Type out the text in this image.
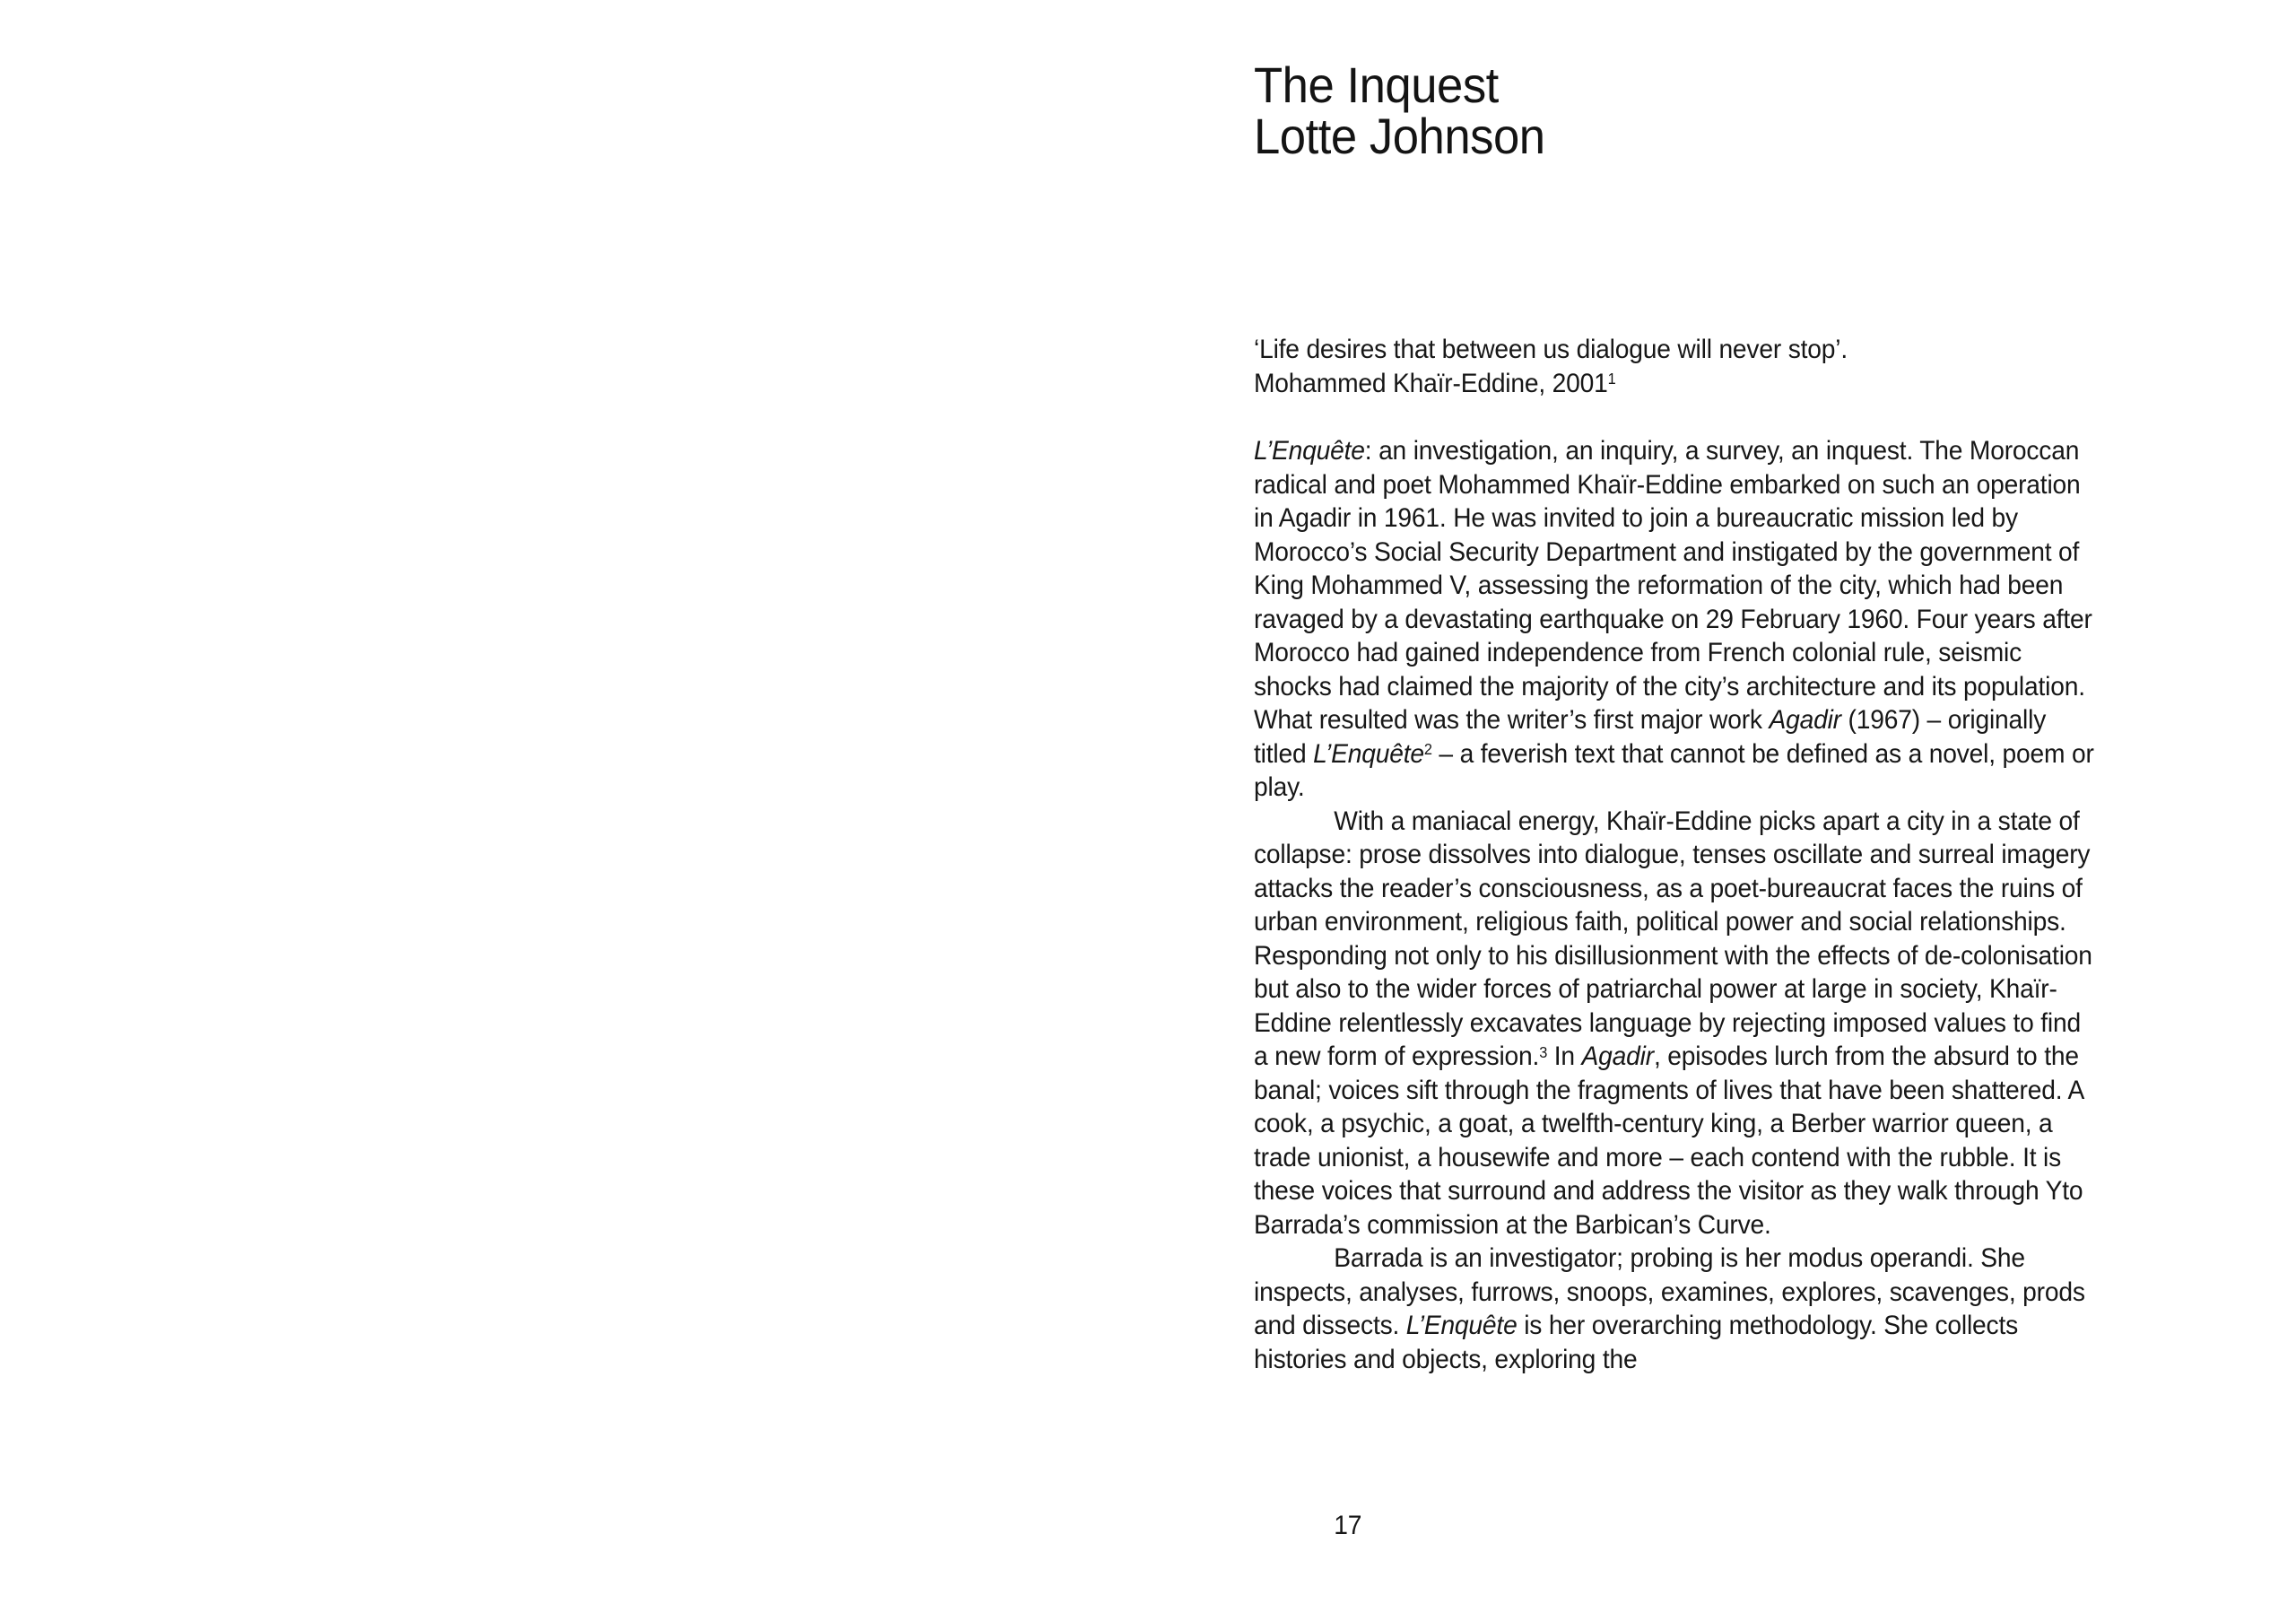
The Inquest
Lotte Johnson

‘Life desires that between us dialogue will never stop’.

Mohammed Khaïr-Eddine, 2001$^1$

L’Enquête: an investigation, an inquiry, a survey, an inquest. The Moroccan radical and poet Mohammed Khaïr-Eddine embarked on such an operation in Agadir in 1961. He was invited to join a bureaucratic mission led by Morocco’s Social Security Department and instigated by the government of King Mohammed V, assessing the reformation of the city, which had been ravaged by a devastating earthquake on 29 February 1960. Four years after Morocco had gained independence from French colonial rule, seismic shocks had claimed the majority of the city’s architecture and its population. What resulted was the writer’s first major work Agadir (1967) – originally titled L’Enquête$^2$ – a feverish text that cannot be defined as a novel, poem or play.

With a maniacal energy, Khaïr-Eddine picks apart a city in a state of collapse: prose dissolves into dialogue, tenses oscillate and surreal imagery attacks the reader’s consciousness, as a poet-bureaucrat faces the ruins of urban environment, religious faith, political power and social relationships. Responding not only to his disillusionment with the effects of de-colonisation but also to the wider forces of patriarchal power at large in society, Khaïr-Eddine relentlessly excavates language by rejecting imposed values to find a new form of expression.$^3$ In Agadir, episodes lurch from the absurd to the banal; voices sift through the fragments of lives that have been shattered. A cook, a psychic, a goat, a twelfth-century king, a Berber warrior queen, a trade unionist, a housewife and more – each contend with the rubble. It is these voices that surround and address the visitor as they walk through Yto Barrada’s commission at the Barbican’s Curve.

Barrada is an investigator; probing is her modus operandi. She inspects, analyses, furrows, snoops, examines, explores, scavenges, prods and dissects. L’Enquête is her overarching methodology. She collects histories and objects, exploring the

17
